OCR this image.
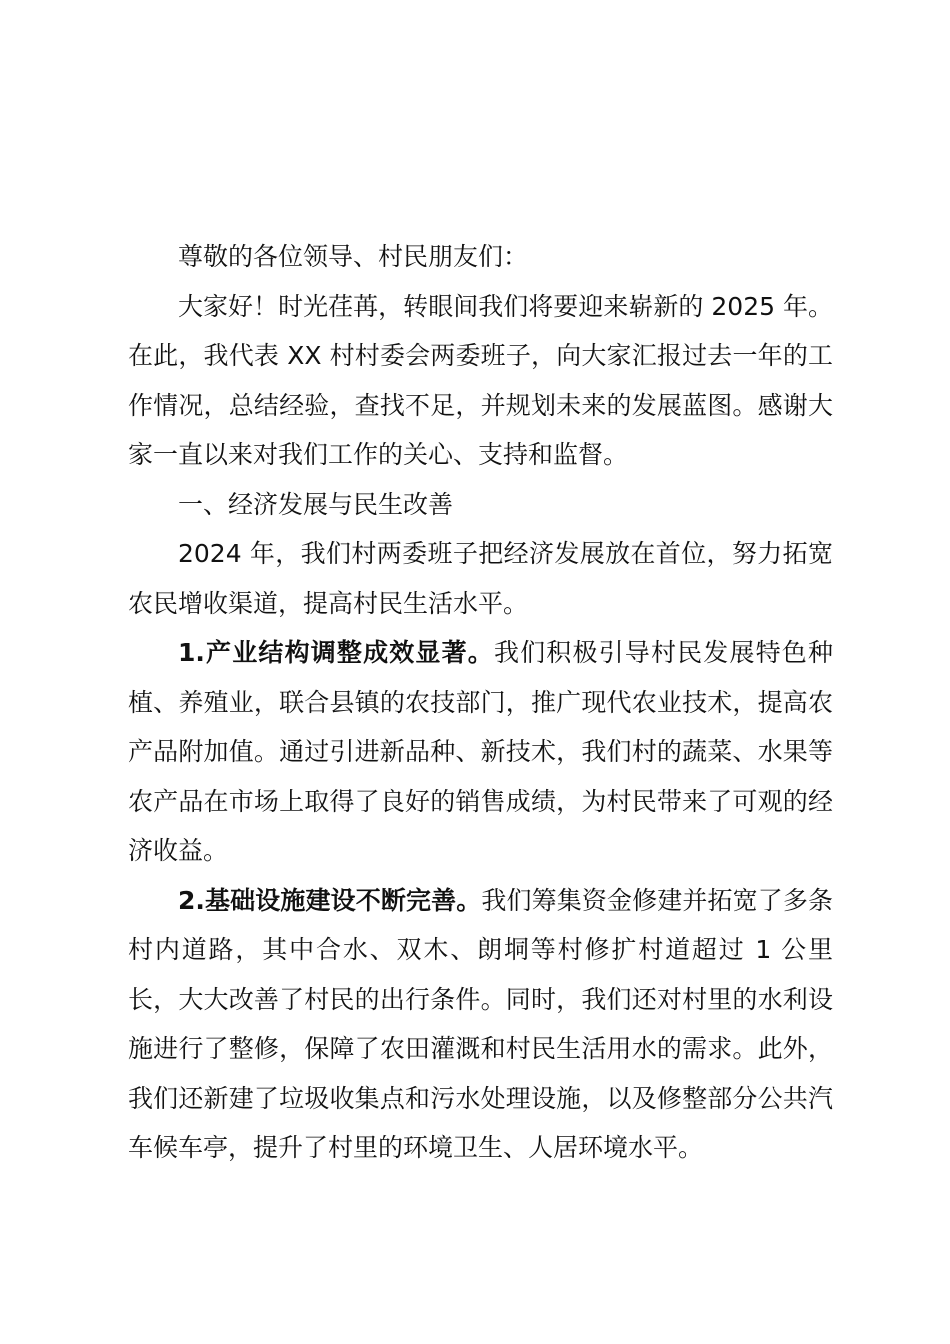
尊敬的各位领导、村民朋友们：

大家好！时光荏苒，转眼间我们将要迎来崭新的 2025 年。在此，我代表 XX 村村委会两委班子，向大家汇报过去一年的工作情况，总结经验，查找不足，并规划未来的发展蓝图。感谢大家一直以来对我们工作的关心、支持和监督。

一、经济发展与民生改善

2024 年，我们村两委班子把经济发展放在首位，努力拓宽农民增收渠道，提高村民生活水平。

1.产业结构调整成效显著。我们积极引导村民发展特色种植、养殖业，联合县镇的农技部门，推广现代农业技术，提高农产品附加值。通过引进新品种、新技术，我们村的蔬菜、水果等农产品在市场上取得了良好的销售成绩，为村民带来了可观的经济收益。

2.基础设施建设不断完善。我们筹集资金修建并拓宽了多条村内道路，其中合水、双木、朗垌等村修扩村道超过 1 公里长，大大改善了村民的出行条件。同时，我们还对村里的水利设施进行了整修，保障了农田灌溉和村民生活用水的需求。此外，我们还新建了垃圾收集点和污水处理设施，以及修整部分公共汽车候车亭，提升了村里的环境卫生、人居环境水平。
